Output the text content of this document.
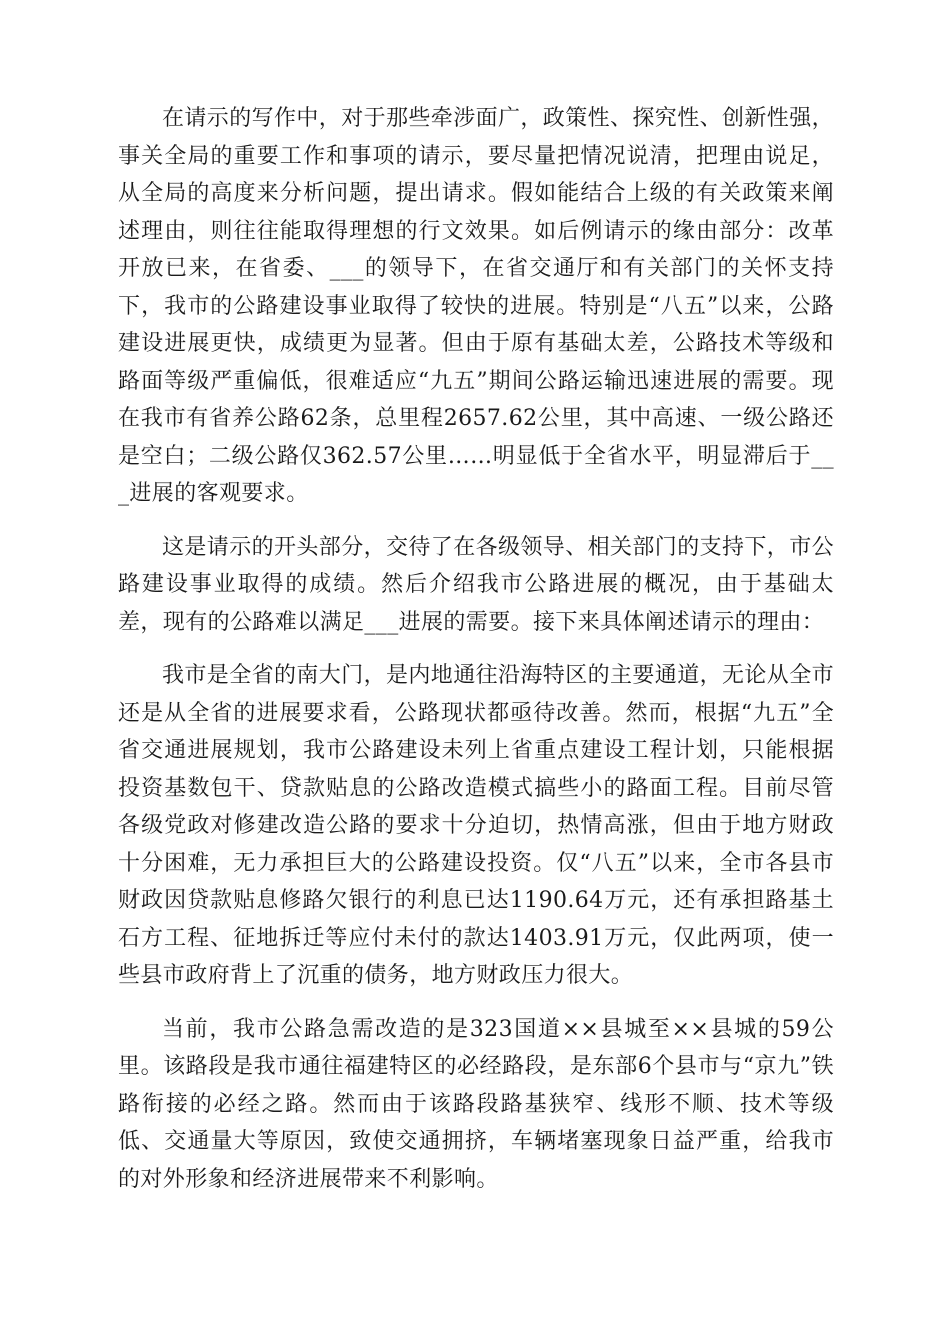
在请示的写作中，对于那些牵涉面广，政策性、探究性、创新性强，事关全局的重要工作和事项的请示，要尽量把情况说清，把理由说足，从全局的高度来分析问题，提出请求。假如能结合上级的有关政策来阐述理由，则往往能取得理想的行文效果。如后例请示的缘由部分：改革开放已来，在省委、___的领导下，在省交通厅和有关部门的关怀支持下，我市的公路建设事业取得了较快的进展。特别是“八五”以来，公路建设进展更快，成绩更为显著。但由于原有基础太差，公路技术等级和路面等级严重偏低，很难适应“九五”期间公路运输迅速进展的需要。现在我市有省养公路62条，总里程2657.62公里，其中高速、一级公路还是空白；二级公路仅362.57公里……明显低于全省水平，明显滞后于___进展的客观要求。

这是请示的开头部分，交待了在各级领导、相关部门的支持下，市公路建设事业取得的成绩。然后介绍我市公路进展的概况，由于基础太差，现有的公路难以满足___进展的需要。接下来具体阐述请示的理由：

我市是全省的南大门，是内地通往沿海特区的主要通道，无论从全市还是从全省的进展要求看，公路现状都亟待改善。然而，根据“九五”全省交通进展规划，我市公路建设未列上省重点建设工程计划，只能根据投资基数包干、贷款贴息的公路改造模式搞些小的路面工程。目前尽管各级党政对修建改造公路的要求十分迫切，热情高涨，但由于地方财政十分困难，无力承担巨大的公路建设投资。仅“八五”以来，全市各县市财政因贷款贴息修路欠银行的利息已达1190.64万元，还有承担路基土石方工程、征地拆迁等应付未付的款达1403.91万元，仅此两项，使一些县市政府背上了沉重的债务，地方财政压力很大。

当前，我市公路急需改造的是323国道××县城至××县城的59公里。该路段是我市通往福建特区的必经路段，是东部6个县市与“京九”铁路衔接的必经之路。然而由于该路段路基狭窄、线形不顺、技术等级低、交通量大等原因，致使交通拥挤，车辆堵塞现象日益严重，给我市的对外形象和经济进展带来不利影响。
